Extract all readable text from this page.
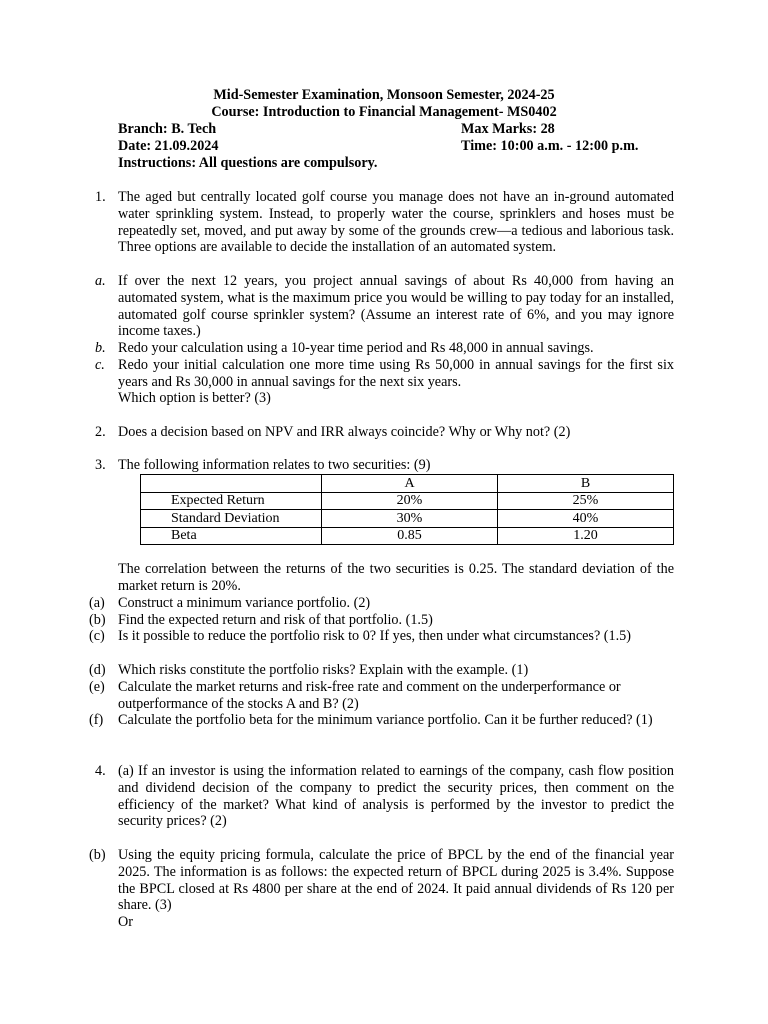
Mid-Semester Examination, Monsoon Semester, 2024-25
Course: Introduction to Financial Management- MS0402
Branch: B. Tech	Max Marks: 28
Date: 21.09.2024	Time: 10:00 a.m. - 12:00 p.m.
Instructions: All questions are compulsory.
1. The aged but centrally located golf course you manage does not have an in-ground automated water sprinkling system. Instead, to properly water the course, sprinklers and hoses must be repeatedly set, moved, and put away by some of the grounds crew—a tedious and laborious task. Three options are available to decide the installation of an automated system.
a. If over the next 12 years, you project annual savings of about Rs 40,000 from having an automated system, what is the maximum price you would be willing to pay today for an installed, automated golf course sprinkler system? (Assume an interest rate of 6%, and you may ignore income taxes.)
b. Redo your calculation using a 10-year time period and Rs 48,000 in annual savings.
c. Redo your initial calculation one more time using Rs 50,000 in annual savings for the first six years and Rs 30,000 in annual savings for the next six years.
Which option is better? (3)
2. Does a decision based on NPV and IRR always coincide? Why or Why not? (2)
3. The following information relates to two securities: (9)
	A	B
Expected Return	20%	25%
Standard Deviation	30%	40%
Beta	0.85	1.20
The correlation between the returns of the two securities is 0.25. The standard deviation of the market return is 20%.
(a) Construct a minimum variance portfolio. (2)
(b) Find the expected return and risk of that portfolio. (1.5)
(c) Is it possible to reduce the portfolio risk to 0? If yes, then under what circumstances? (1.5)
(d) Which risks constitute the portfolio risks? Explain with the example. (1)
(e) Calculate the market returns and risk-free rate and comment on the underperformance or outperformance of the stocks A and B? (2)
(f) Calculate the portfolio beta for the minimum variance portfolio. Can it be further reduced? (1)
4. (a) If an investor is using the information related to earnings of the company, cash flow position and dividend decision of the company to predict the security prices, then comment on the efficiency of the market? What kind of analysis is performed by the investor to predict the security prices? (2)
(b) Using the equity pricing formula, calculate the price of BPCL by the end of the financial year 2025. The information is as follows: the expected return of BPCL during 2025 is 3.4%. Suppose the BPCL closed at Rs 4800 per share at the end of 2024. It paid annual dividends of Rs 120 per share. (3)
Or
